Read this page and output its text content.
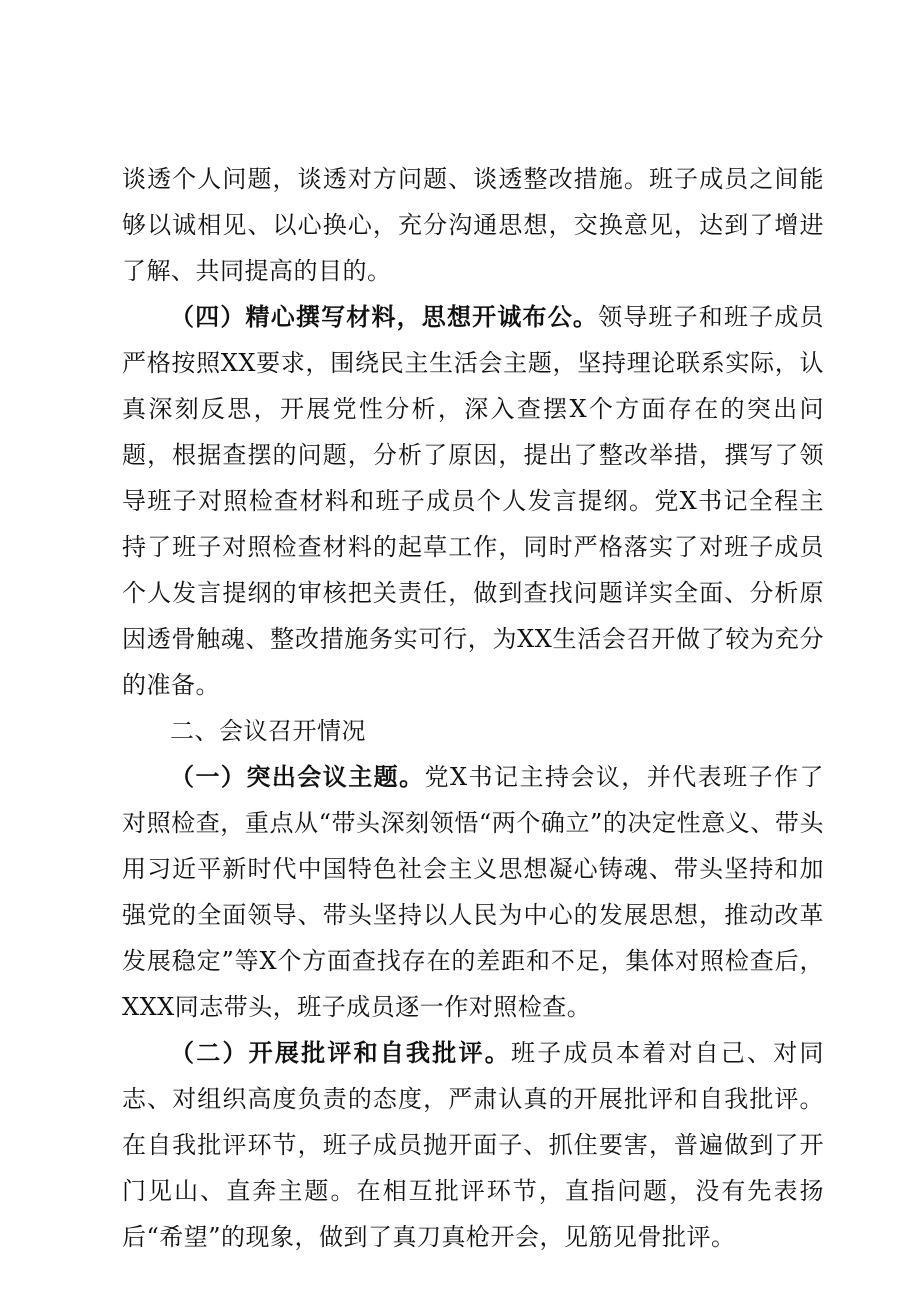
谈透个人问题，谈透对方问题、谈透整改措施。班子成员之间能够以诚相见、以心换心，充分沟通思想，交换意见，达到了增进了解、共同提高的目的。

（四）精心撰写材料，思想开诚布公。领导班子和班子成员严格按照XX要求，围绕民主生活会主题，坚持理论联系实际，认真深刻反思，开展党性分析，深入查摆X个方面存在的突出问题，根据查摆的问题，分析了原因，提出了整改举措，撰写了领导班子对照检查材料和班子成员个人发言提纲。党X书记全程主持了班子对照检查材料的起草工作，同时严格落实了对班子成员个人发言提纲的审核把关责任，做到查找问题详实全面、分析原因透骨触魂、整改措施务实可行，为XX生活会召开做了较为充分的准备。

二、会议召开情况

（一）突出会议主题。党X书记主持会议，并代表班子作了对照检查，重点从“带头深刻领悟“两个确立”的决定性意义、带头用习近平新时代中国特色社会主义思想凝心铸魂、带头坚持和加强党的全面领导、带头坚持以人民为中心的发展思想，推动改革发展稳定”等X个方面查找存在的差距和不足，集体对照检查后，XXX同志带头，班子成员逐一作对照检查。

（二）开展批评和自我批评。班子成员本着对自己、对同志、对组织高度负责的态度，严肃认真的开展批评和自我批评。在自我批评环节，班子成员抛开面子、抓住要害，普遍做到了开门见山、直奔主题。在相互批评环节，直指问题，没有先表扬后“希望”的现象，做到了真刀真枪开会，见筋见骨批评。
